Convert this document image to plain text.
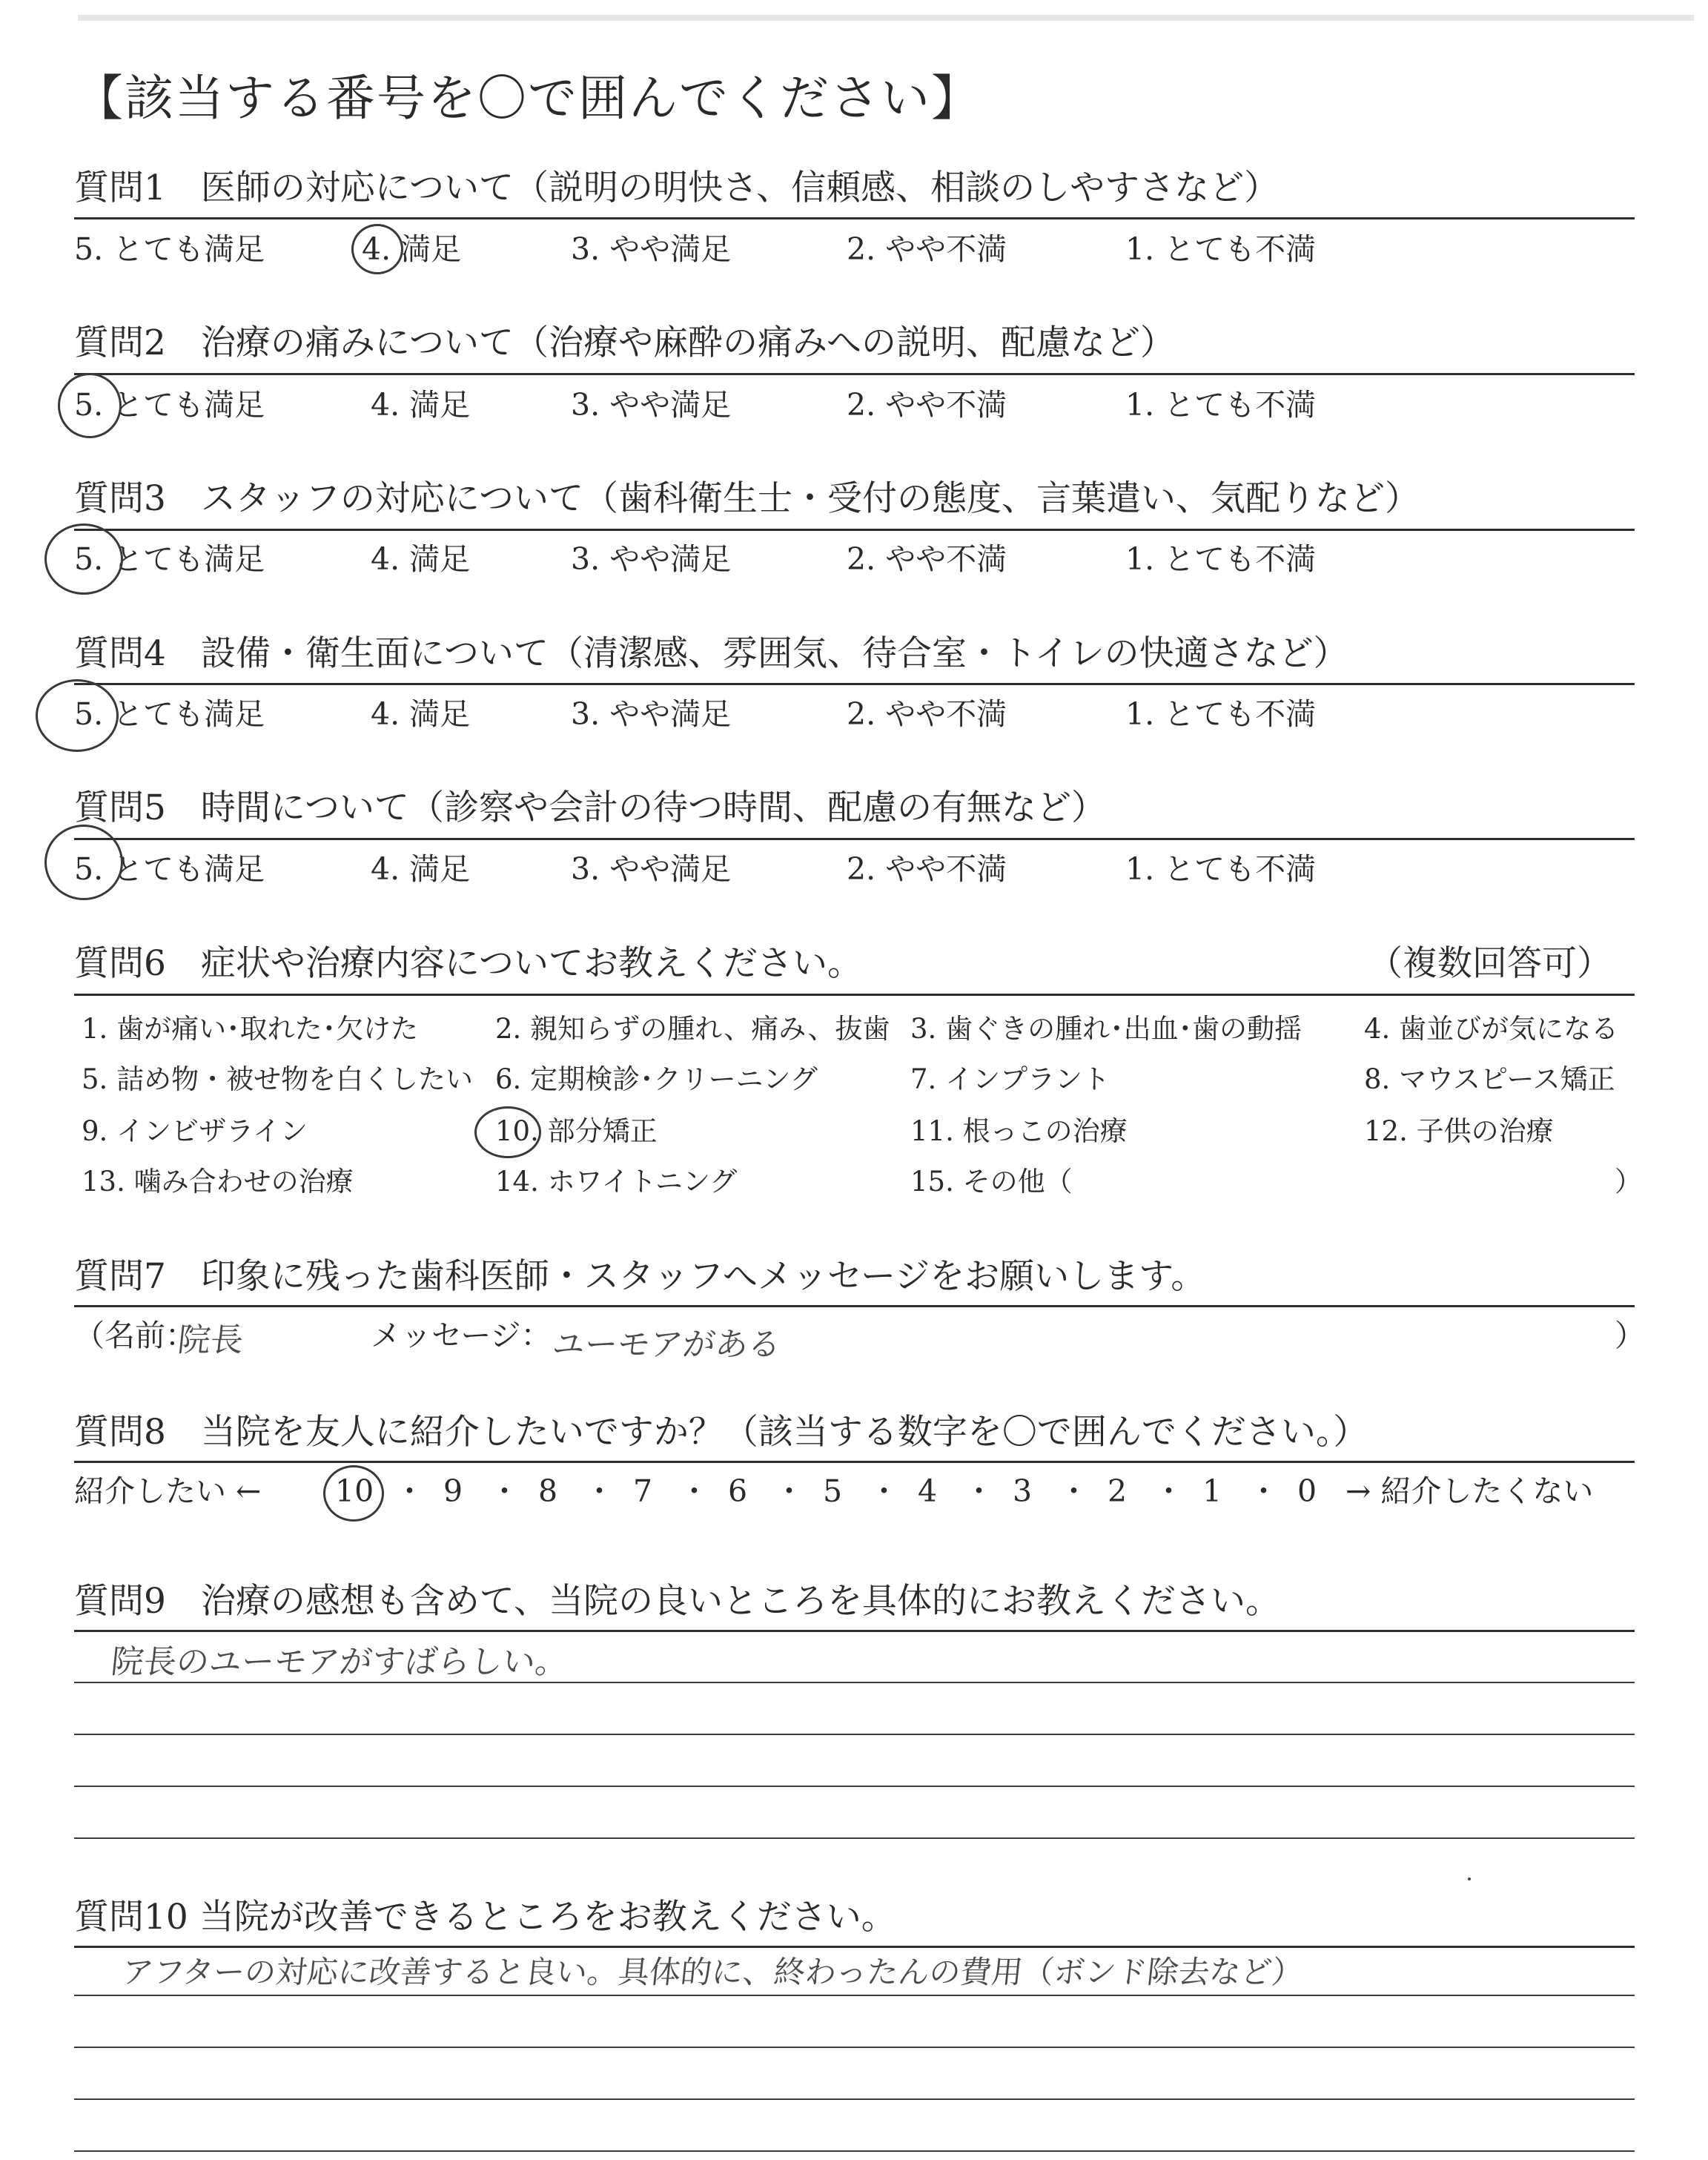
【該当する番号を〇で囲んでください】
質問1　医師の対応について（説明の明快さ、信頼感、相談のしやすさなど）
5. とても満足	4. 満足	3. やや満足	2. やや不満	1. とても不満
質問2　治療の痛みについて（治療や麻酔の痛みへの説明、配慮など）
5. とても満足	4. 満足	3. やや満足	2. やや不満	1. とても不満
質問3　スタッフの対応について（歯科衛生士・受付の態度、言葉遣い、気配りなど）
5. とても満足	4. 満足	3. やや満足	2. やや不満	1. とても不満
質問4　設備・衛生面について（清潔感、雰囲気、待合室・トイレの快適さなど）
5. とても満足	4. 満足	3. やや満足	2. やや不満	1. とても不満
質問5　時間について（診察や会計の待つ時間、配慮の有無など）
5. とても満足	4. 満足	3. やや満足	2. やや不満	1. とても不満
質問6　症状や治療内容についてお教えください。	（複数回答可）
1. 歯が痛い･取れた･欠けた	2. 親知らずの腫れ、痛み、抜歯 3. 歯ぐきの腫れ･出血･歯の動揺 4. 歯並びが気になる
5. 詰め物・被せ物を白くしたい 6. 定期検診･クリーニング	7. インプラント	8. マウスピース矯正
9. インビザライン	10. 部分矯正	11. 根っこの治療	12. 子供の治療
13. 噛み合わせの治療	14. ホワイトニング	15. その他（	）
質問7　印象に残った歯科医師・スタッフへメッセージをお願いします。
（名前：
院長	メッセージ：
ユーモアがある	）
質問8　当院を友人に紹介したいですか？（該当する数字を〇で囲んでください。）
紹介したい ← 10 9 8 7 6 5 4 3 2 1 0
・ ・ ・ ・ ・ ・ ・ ・ ・ ・ → 紹介したくない
質問9　治療の感想も含めて、当院の良いところを具体的にお教えください。
院長のユーモアがすばらしい。
質問10 当院が改善できるところをお教えください。
アフターの対応に改善すると良い。具体的に、終わったんの費用（ボンド除去など）
